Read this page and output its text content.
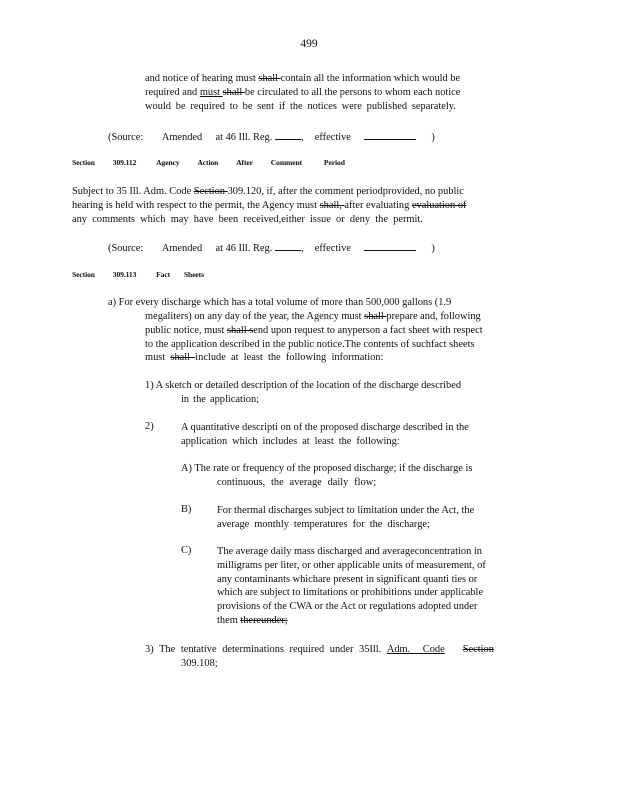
499
and notice of hearing must shall contain all the information which would be
required and must shall be circulated to all the persons to whom each notice
would be required to be sent if the notices were published separately.
(Source: Amended at 46 Ill. Reg.	, effective	)
Section 309.112	Agency Action After Comment	Period
Subject to 35 Ill. Adm. Code Section 309.120, if, after the comment periodprovided, no public
hearing is held with respect to the permit, the Agency must shall, after evaluating evaluation of
any comments which may have been received,either issue or deny the permit.
(Source: Amended at 46 Ill. Reg.	, effective	)
Section 309.113	Fact Sheets
a) For every discharge which has a total volume of more than 500,000 gallons (1.9
megaliters) on any day of the year, the Agency must shall prepare and, following
public notice, must shall send upon request to anyperson a fact sheet with respect
to the application described in the public notice.The contents of suchfact sheets
must shall include at least the following information:
1) A sketch or detailed description of the location of the discharge described
in the application;
2)	A quantitative descripti on of the proposed discharge described in the
application which includes at least the following:
A) The rate or frequency of the proposed discharge; if the discharge is
continuous, the average daily flow;
B) For thermal discharges subject to limitation under the Act, the
average monthly temperatures for the discharge;
C) The average daily mass discharged and averageconcentration in
milligrams per liter, or other applicable units of measurement, of
any contaminants whichare present in significant quanti ties or
which are subject to limitations or prohibitions under applicable
provisions of the CWA or the Act or regulations adopted under
them thereunder;
3) The tentative determinations required under 35Ill. Adm. Code Section
309.108;
